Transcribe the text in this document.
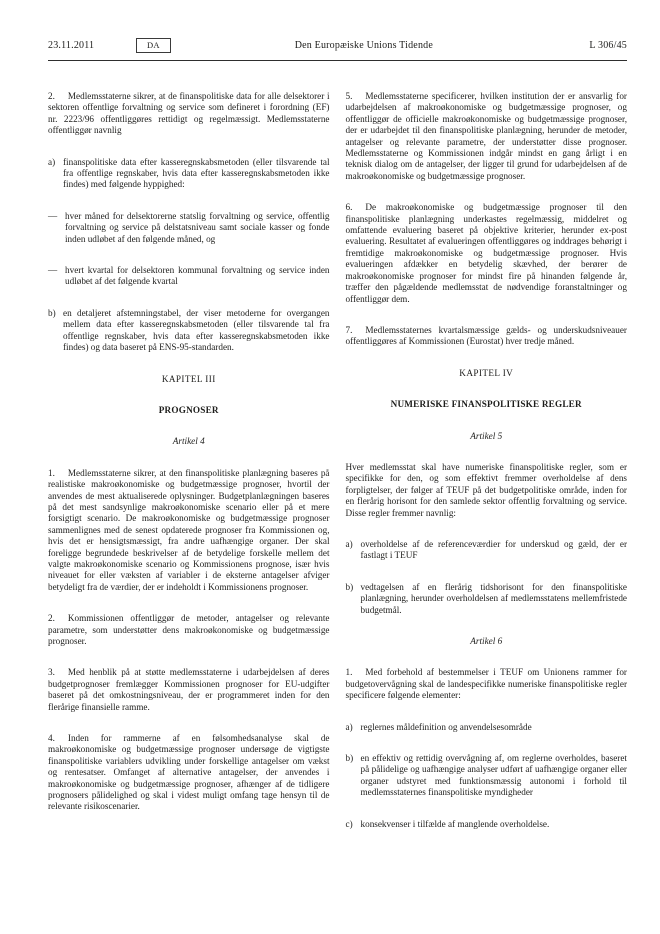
23.11.2011	DA	Den Europæiske Unions Tidende	L 306/45

2. Medlemsstaterne sikrer, at de finanspolitiske data for alle delsektorer i sektoren offentlige forvaltning og service som defineret i forordning (EF) nr. 2223/96 offentliggøres rettidigt og regelmæssigt. Medlemsstaterne offentliggør navnlig

a) finanspolitiske data efter kasseregnskabsmetoden (eller tilsvarende tal fra offentlige regnskaber, hvis data efter kasseregnskabsmetoden ikke findes) med følgende hyppighed:
— hver måned for delsektorerne statslig forvaltning og service, offentlig forvaltning og service på delstatsniveau samt sociale kasser og fonde inden udløbet af den følgende måned, og
— hvert kvartal for delsektoren kommunal forvaltning og service inden udløbet af det følgende kvartal
b) en detaljeret afstemningstabel, der viser metoderne for overgangen mellem data efter kasseregnskabsmetoden (eller tilsvarende tal fra offentlige regnskaber, hvis data efter kasseregnskabsmetoden ikke findes) og data baseret på ENS-95-standarden.
KAPITEL III
PROGNOSER
Artikel 4

1. Medlemsstaterne sikrer, at den finanspolitiske planlægning baseres på realistiske makroøkonomiske og budgetmæssige prognoser, hvortil der anvendes de mest aktualiserede oplysninger. Budgetplanlægningen baseres på det mest sandsynlige makroøkonomiske scenario eller på et mere forsigtigt scenario. De makroøkonomiske og budgetmæssige prognoser sammenlignes med de senest opdaterede prognoser fra Kommissionen og, hvis det er hensigtsmæssigt, fra andre uafhængige organer. Der skal foreligge begrundede beskrivelser af de betydelige forskelle mellem det valgte makroøkonomiske scenario og Kommissionens prognose, især hvis niveauet for eller væksten af variabler i de eksterne antagelser afviger betydeligt fra de værdier, der er indeholdt i Kommissionens prognoser.

2. Kommissionen offentliggør de metoder, antagelser og relevante parametre, som understøtter dens makroøkonomiske og budgetmæssige prognoser.

3. Med henblik på at støtte medlemsstaterne i udarbejdelsen af deres budgetprognoser fremlægger Kommissionen prognoser for EU-udgifter baseret på det omkostningsniveau, der er programmeret inden for den flerårige finansielle ramme.

4. Inden for rammerne af en følsomhedsanalyse skal de makroøkonomiske og budgetmæssige prognoser undersøge de vigtigste finanspolitiske variablers udvikling under forskellige antagelser om vækst og rentesatser. Omfanget af alternative antagelser, der anvendes i makroøkonomiske og budgetmæssige prognoser, afhænger af de tidligere prognosers pålidelighed og skal i videst muligt omfang tage hensyn til de relevante risikoscenarier.

5. Medlemsstaterne specificerer, hvilken institution der er ansvarlig for udarbejdelsen af makroøkonomiske og budgetmæssige prognoser, og offentliggør de officielle makroøkonomiske og budgetmæssige prognoser, der er udarbejdet til den finanspolitiske planlægning, herunder de metoder, antagelser og relevante parametre, der understøtter disse prognoser. Medlemsstaterne og Kommissionen indgår mindst en gang årligt i en teknisk dialog om de antagelser, der ligger til grund for udarbejdelsen af de makroøkonomiske og budgetmæssige prognoser.

6. De makroøkonomiske og budgetmæssige prognoser til den finanspolitiske planlægning underkastes regelmæssig, middelret og omfattende evaluering baseret på objektive kriterier, herunder ex-post evaluering. Resultatet af evalueringen offentliggøres og inddrages behørigt i fremtidige makroøkonomiske og budgetmæssige prognoser. Hvis evalueringen afdækker en betydelig skævhed, der berører de makroøkonomiske prognoser for mindst fire på hinanden følgende år, træffer den pågældende medlemsstat de nødvendige foranstaltninger og offentliggør dem.

7. Medlemsstaternes kvartalsmæssige gælds- og underskudsniveauer offentliggøres af Kommissionen (Eurostat) hver tredje måned.

KAPITEL IV
NUMERISKE FINANSPOLITISKE REGLER
Artikel 5

Hver medlemsstat skal have numeriske finanspolitiske regler, som er specifikke for den, og som effektivt fremmer overholdelse af dens forpligtelser, der følger af TEUF på det budgetpolitiske område, inden for en flerårig horisont for den samlede sektor offentlig forvaltning og service. Disse regler fremmer navnlig:

a) overholdelse af de referenceværdier for underskud og gæld, der er fastlagt i TEUF
b) vedtagelsen af en flerårig tidshorisont for den finanspolitiske planlægning, herunder overholdelsen af medlemsstatens mellemfristede budgetmål.
Artikel 6

1. Med forbehold af bestemmelser i TEUF om Unionens rammer for budgetovervågning skal de landespecifikke numeriske finanspolitiske regler specificere følgende elementer:

a) reglernes måldefinition og anvendelsesområde
b) en effektiv og rettidig overvågning af, om reglerne overholdes, baseret på pålidelige og uafhængige analyser udført af uafhængige organer eller organer udstyret med funktionsmæssig autonomi i forhold til medlemsstaternes finanspolitiske myndigheder
c) konsekvenser i tilfælde af manglende overholdelse.
